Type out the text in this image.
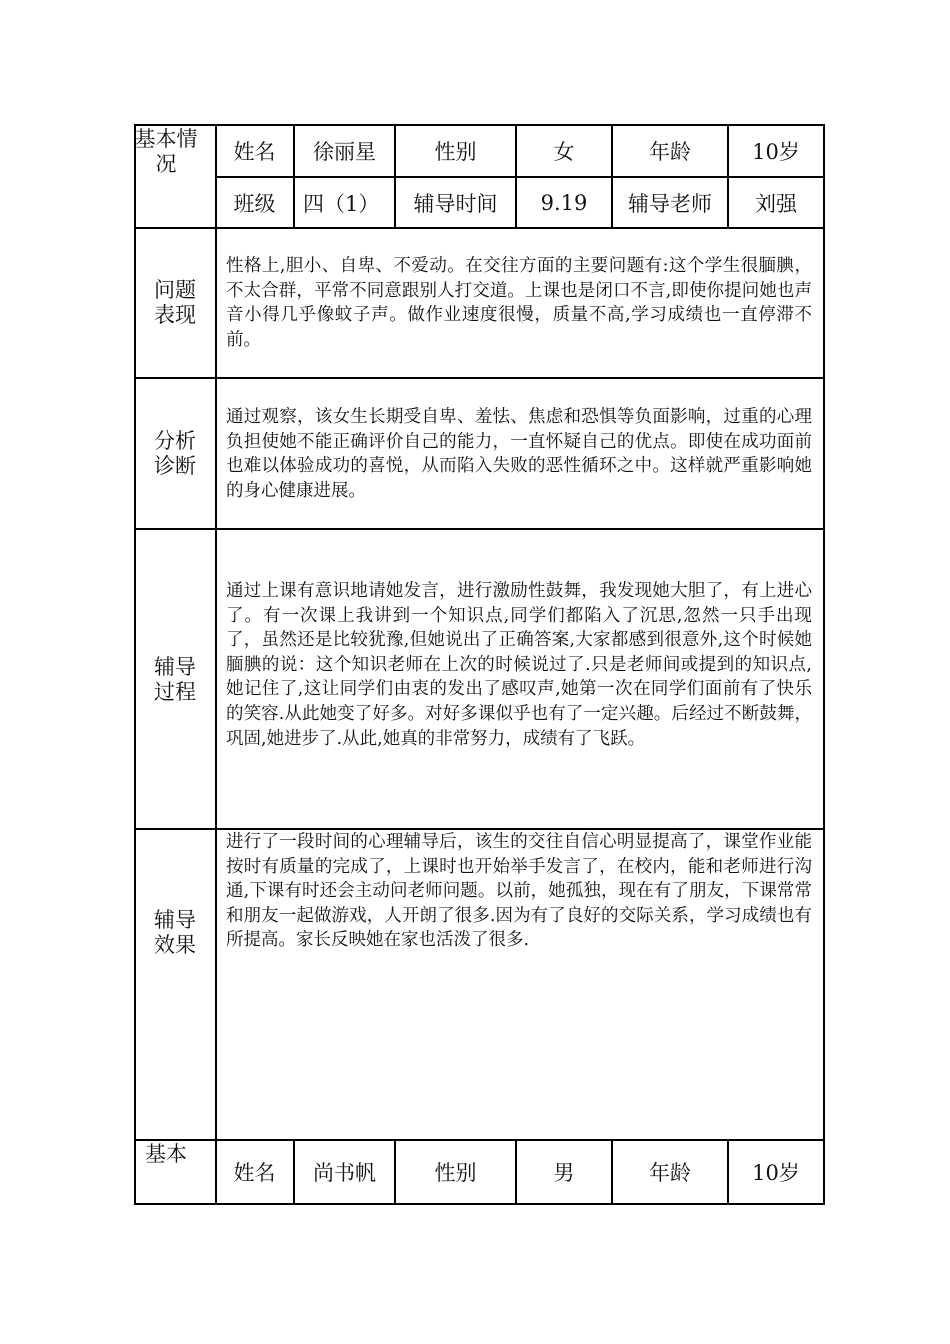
基本情况	姓名	徐丽星	性别	女	年龄	10岁
班级	四（1）	辅导时间	9.19	辅导老师	刘强
问题表现
性格上,胆小、自卑、不爱动。在交往方面的主要问题有:这个学生很腼腆，不太合群，平常不同意跟别人打交道。上课也是闭口不言,即使你提问她也声音小得几乎像蚊子声。做作业速度很慢，质量不高,学习成绩也一直停滞不前。
分析诊断
通过观察，该女生长期受自卑、羞怯、焦虑和恐惧等负面影响，过重的心理负担使她不能正确评价自己的能力，一直怀疑自己的优点。即使在成功面前也难以体验成功的喜悦，从而陷入失败的恶性循环之中。这样就严重影响她的身心健康进展。
辅导过程
通过上课有意识地请她发言，进行激励性鼓舞，我发现她大胆了，有上进心了。有一次课上我讲到一个知识点,同学们都陷入了沉思,忽然一只手出现了，虽然还是比较犹豫,但她说出了正确答案,大家都感到很意外,这个时候她腼腆的说：这个知识老师在上次的时候说过了.只是老师间或提到的知识点,她记住了,这让同学们由衷的发出了感叹声,她第一次在同学们面前有了快乐的笑容.从此她变了好多。对好多课似乎也有了一定兴趣。后经过不断鼓舞，巩固,她进步了.从此,她真的非常努力，成绩有了飞跃。
辅导效果
进行了一段时间的心理辅导后，该生的交往自信心明显提高了，课堂作业能按时有质量的完成了，上课时也开始举手发言了，在校内，能和老师进行沟通,下课有时还会主动问老师问题。以前，她孤独，现在有了朋友，下课常常和朋友一起做游戏，人开朗了很多.因为有了良好的交际关系，学习成绩也有所提高。家长反映她在家也活泼了很多.
基本
姓名	尚书帆	性别	男	年龄	10岁
